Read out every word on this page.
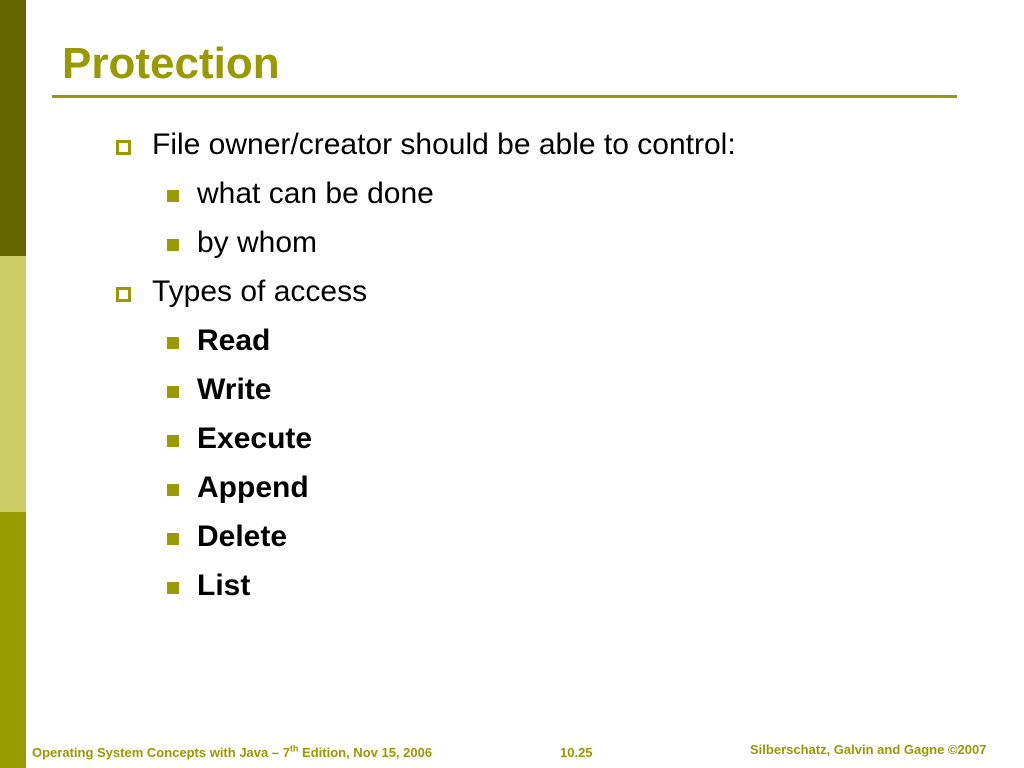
Protection
File owner/creator should be able to control:
what can be done
by whom
Types of access
Read
Write
Execute
Append
Delete
List
Operating System Concepts with Java – 7th Edition, Nov 15, 2006	10.25	Silberschatz, Galvin and Gagne ©2007
